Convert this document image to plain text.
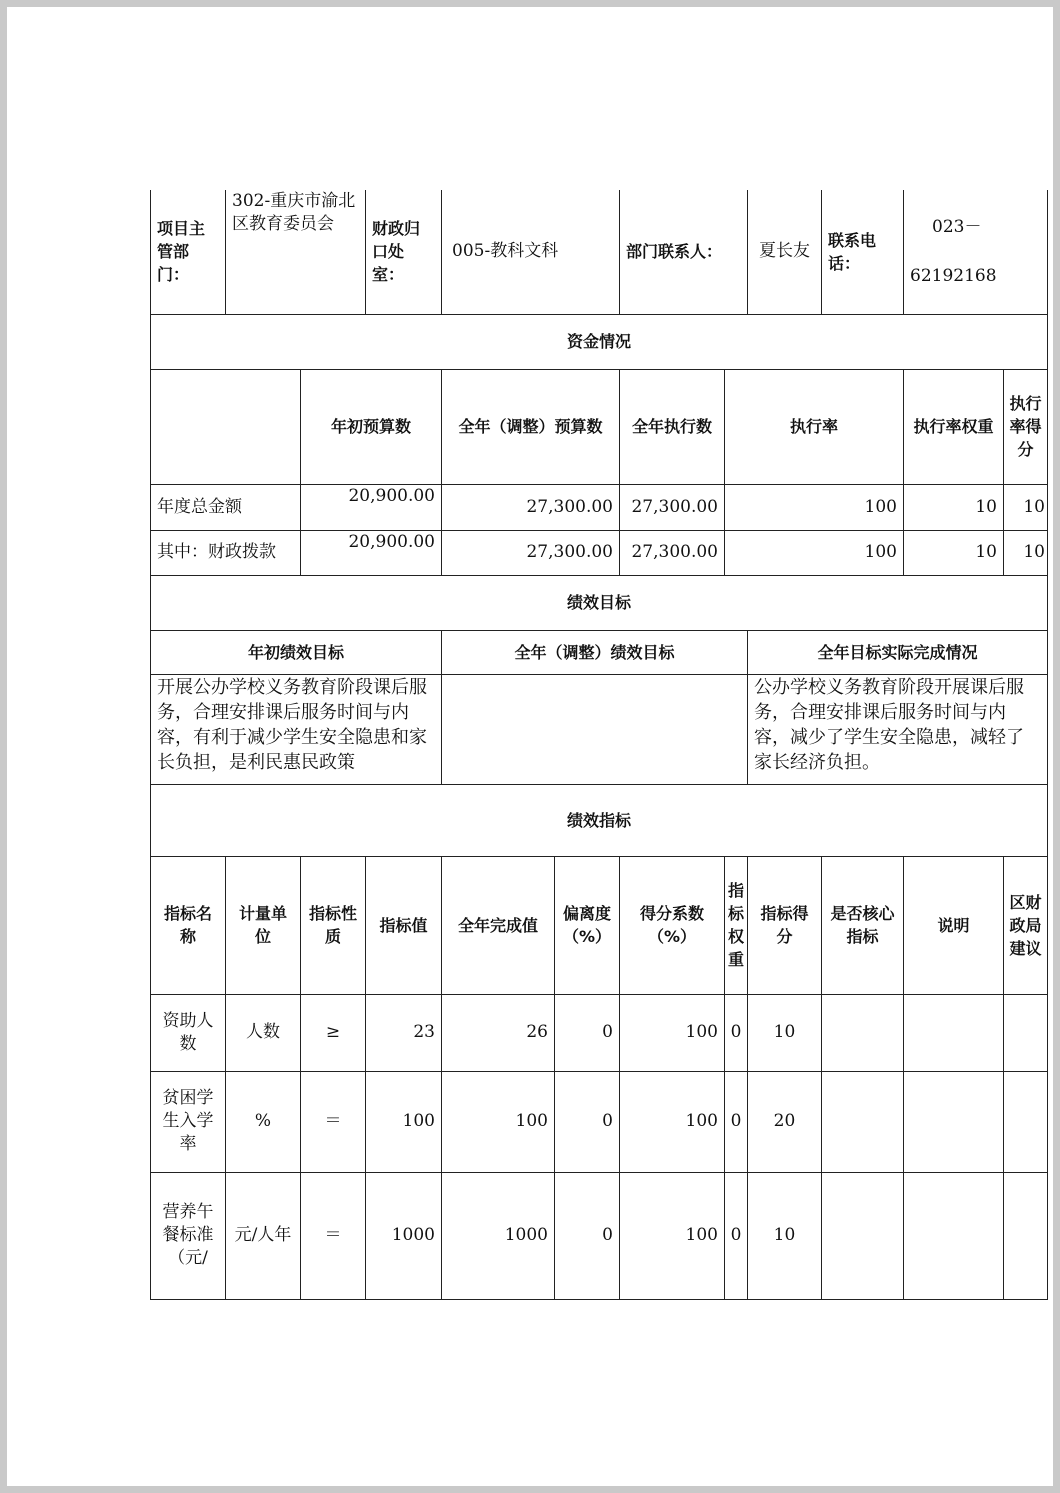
项目主管部门：	302-重庆市渝北区教育委员会		财政归口处室：	005-教科文科		部门联系人：		夏长友	联系电话：	023－
62192168	

资金情况											
		年初预算数		全年（调整）预算数		全年执行数	执行率			执行率权重	执行率得分
年度总金额		20,900.00		27,300.00		27,300.00	100			10	10
其中：财政拨款		20,900.00		27,300.00		27,300.00	100			10	10
绩效目标											
年初绩效目标				全年（调整）绩效目标				全年目标实际完成情况			
开展公办学校义务教育阶段课后服务，合理安排课后服务时间与内容，有利于减少学生安全隐患和家长负担，是利民惠民政策								公办学校义务教育阶段开展课后服务，合理安排课后服务时间与内容，减少了学生安全隐患，减轻了家长经济负担。			
绩效指标											
指标名称	计量单位	指标性质	指标值	全年完成值	偏离度（%）	得分系数（%）	指标权重	指标得分	是否核心指标	说明	区财政局建议
资助人数	人数	≥	23	26	0	100	0	10			
贫困学生入学率	%	＝	100	100	0	100	0	20			
营养午餐标准（元/	元/人年	＝	1000	1000	0	100	0	10			
